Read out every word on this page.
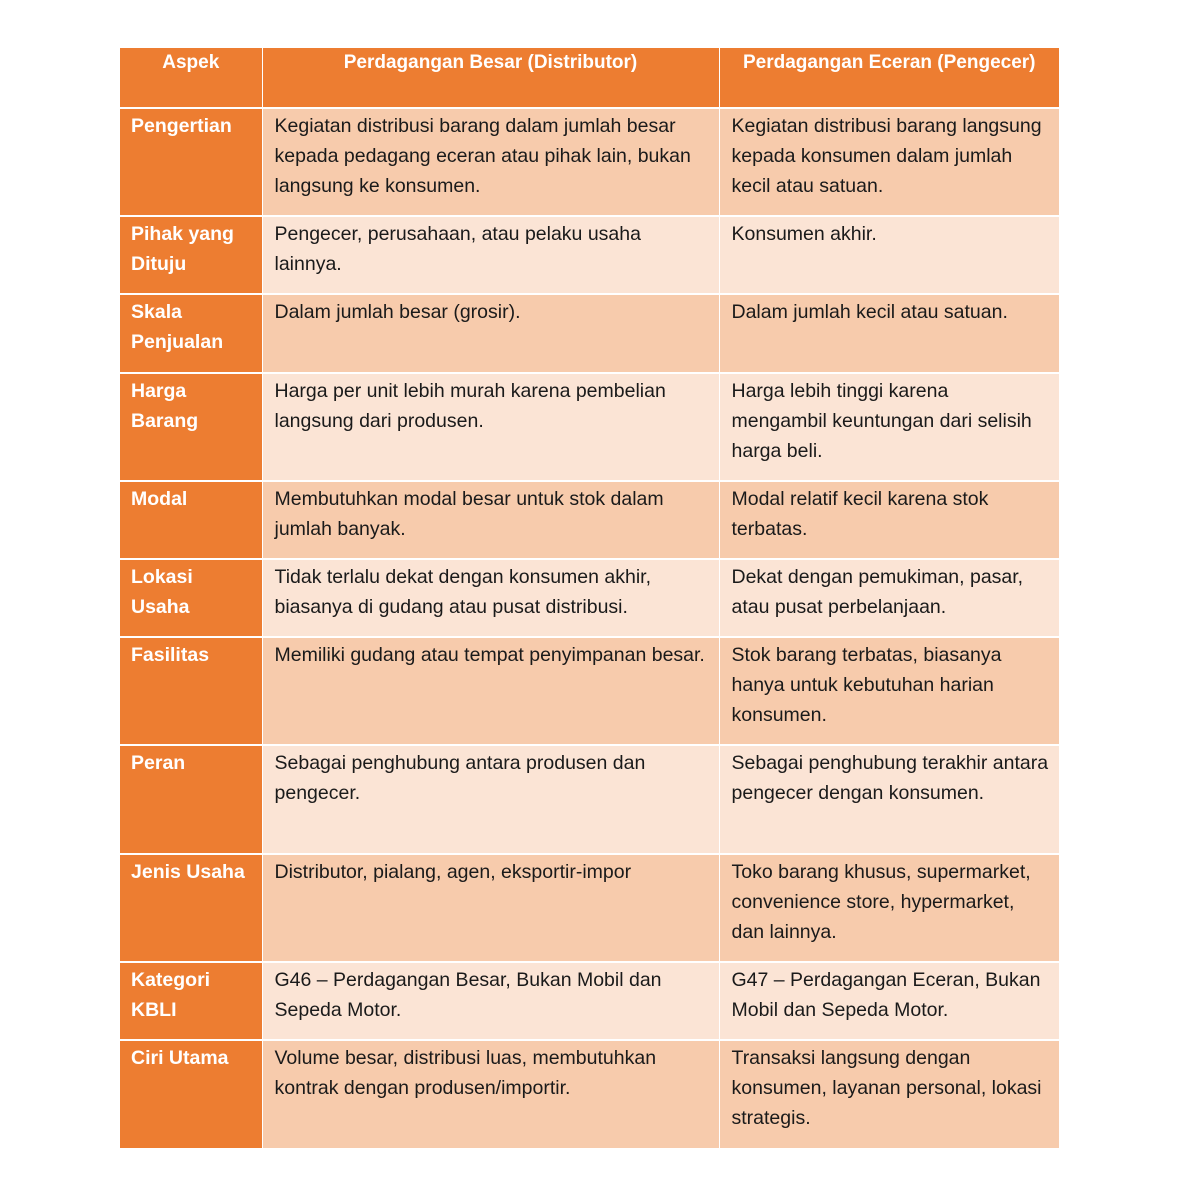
Aspek	Perdagangan Besar (Distributor)	Perdagangan Eceran (Pengecer)
Pengertian	Kegiatan distribusi barang dalam jumlah besar kepada pedagang eceran atau pihak lain, bukan langsung ke konsumen.	Kegiatan distribusi barang langsung kepada konsumen dalam jumlah kecil atau satuan.
Pihak yang Dituju	Pengecer, perusahaan, atau pelaku usaha lainnya.	Konsumen akhir.
Skala Penjualan	Dalam jumlah besar (grosir).	Dalam jumlah kecil atau satuan.
Harga Barang	Harga per unit lebih murah karena pembelian langsung dari produsen.	Harga lebih tinggi karena mengambil keuntungan dari selisih harga beli.
Modal	Membutuhkan modal besar untuk stok dalam jumlah banyak.	Modal relatif kecil karena stok terbatas.
Lokasi Usaha	Tidak terlalu dekat dengan konsumen akhir, biasanya di gudang atau pusat distribusi.	Dekat dengan pemukiman, pasar, atau pusat perbelanjaan.
Fasilitas	Memiliki gudang atau tempat penyimpanan besar.	Stok barang terbatas, biasanya hanya untuk kebutuhan harian konsumen.
Peran	Sebagai penghubung antara produsen dan pengecer.	Sebagai penghubung terakhir antara pengecer dengan konsumen.
Jenis Usaha	Distributor, pialang, agen, eksportir-impor	Toko barang khusus, supermarket, convenience store, hypermarket, dan lainnya.
Kategori KBLI	G46 – Perdagangan Besar, Bukan Mobil dan Sepeda Motor.	G47 – Perdagangan Eceran, Bukan Mobil dan Sepeda Motor.
Ciri Utama	Volume besar, distribusi luas, membutuhkan kontrak dengan produsen/importir.	Transaksi langsung dengan konsumen, layanan personal, lokasi strategis.
